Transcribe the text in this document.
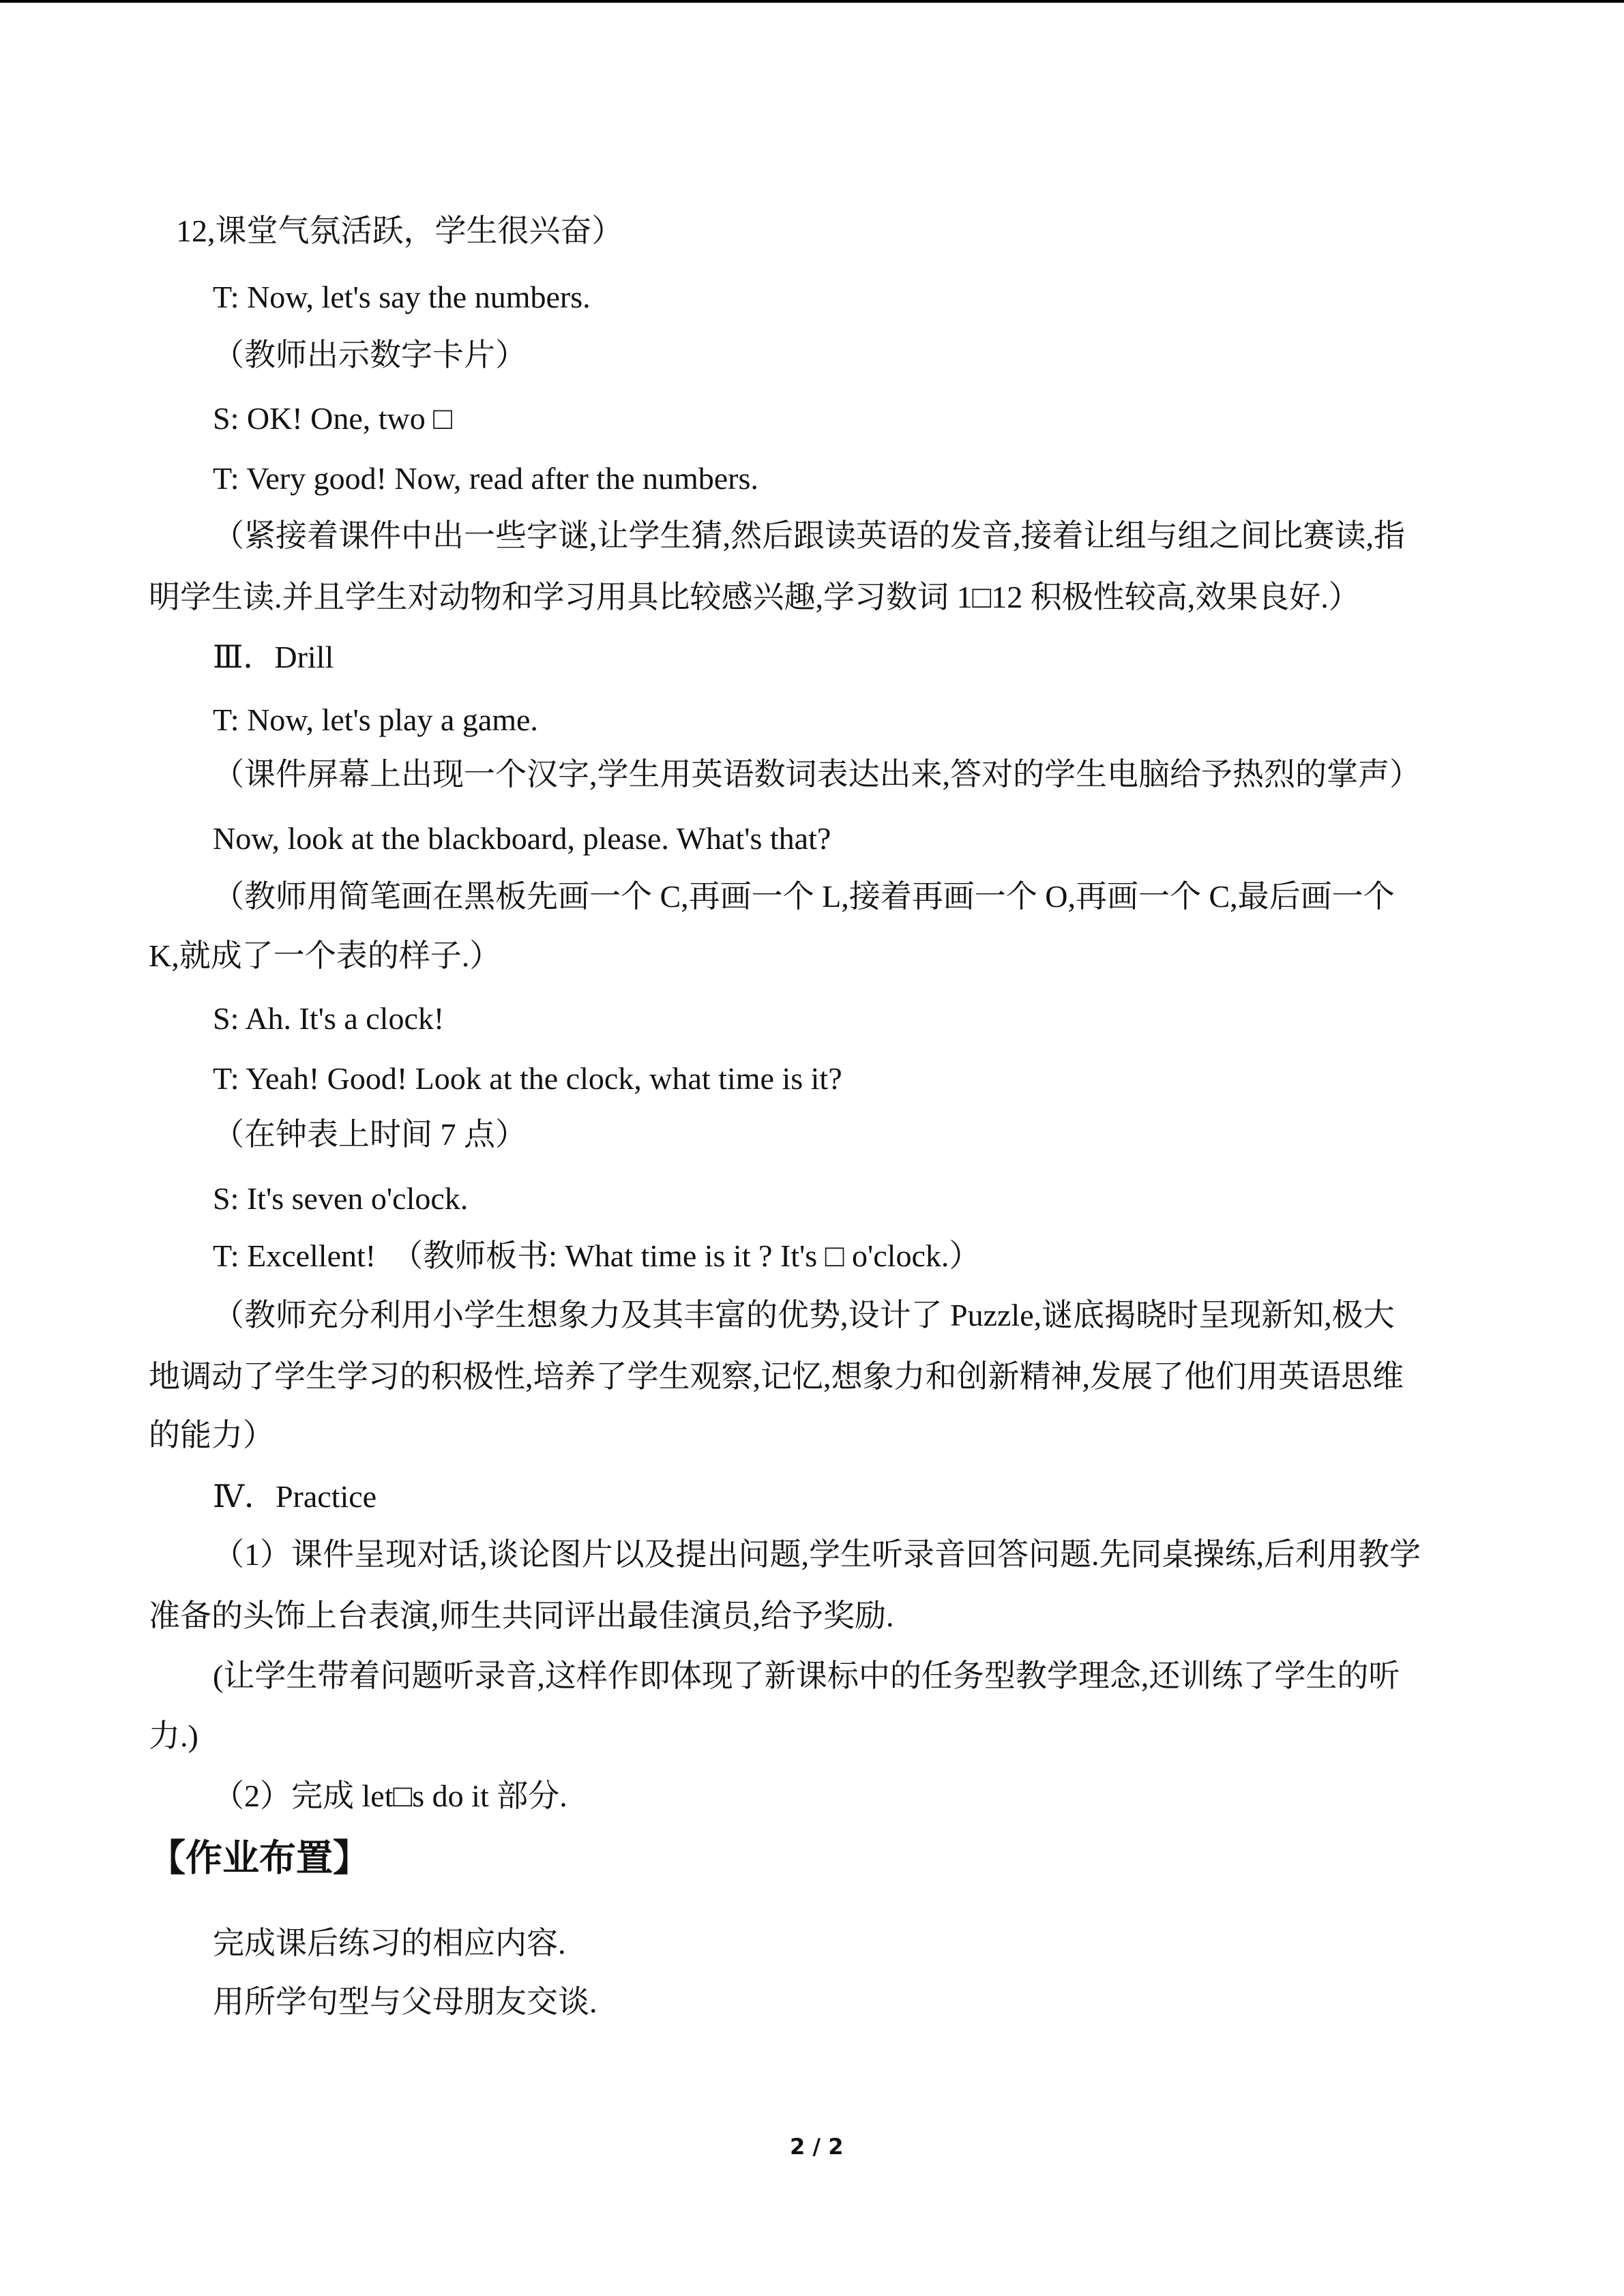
12,课堂气氛活跃，学生很兴奋）
T: Now, let's say the numbers.
（教师出示数字卡片）
S: OK! One, two □
T: Very good! Now, read after the numbers.
（紧接着课件中出一些字谜,让学生猜,然后跟读英语的发音,接着让组与组之间比赛读,指
明学生读.并且学生对动物和学习用具比较感兴趣,学习数词 1□12 积极性较高,效果良好.）
Ⅲ．Drill
T: Now, let's play a game.
（课件屏幕上出现一个汉字,学生用英语数词表达出来,答对的学生电脑给予热烈的掌声）
Now, look at the blackboard, please. What's that?
（教师用简笔画在黑板先画一个 C,再画一个 L,接着再画一个 O,再画一个 C,最后画一个
K,就成了一个表的样子.）
S: Ah. It's a clock!
T: Yeah! Good! Look at the clock, what time is it?
（在钟表上时间 7 点）
S: It's seven o'clock.
T: Excellent!　（教师板书: What time is it ? It's □ o'clock.）
（教师充分利用小学生想象力及其丰富的优势,设计了 Puzzle,谜底揭晓时呈现新知,极大
地调动了学生学习的积极性,培养了学生观察,记忆,想象力和创新精神,发展了他们用英语思维
的能力）
Ⅳ．Practice
（1）课件呈现对话,谈论图片以及提出问题,学生听录音回答问题.先同桌操练,后利用教学
准备的头饰上台表演,师生共同评出最佳演员,给予奖励.
(让学生带着问题听录音,这样作即体现了新课标中的任务型教学理念,还训练了学生的听
力.)
（2）完成 let□s do it 部分.
【作业布置】
完成课后练习的相应内容.
用所学句型与父母朋友交谈.
2 / 2
